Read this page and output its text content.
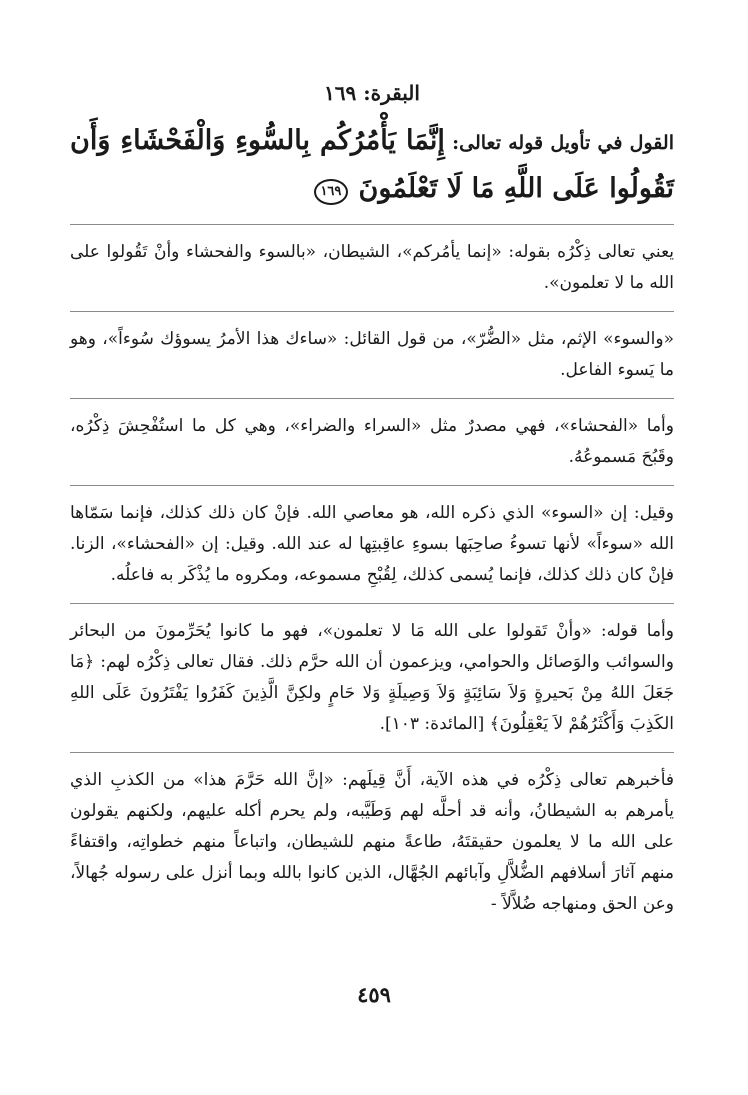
البقرة: ١٦٩
القول في تأويل قوله تعالى: إِنَّمَا يَأْمُرُكُم بِالسُّوءِ وَالْفَحْشَاءِ وَأَن تَقُولُوا عَلَى اللَّهِ مَا لَا تَعْلَمُونَ ١٦٩

يعني تعالى ذِكْرُه بقوله: «إنما يأمُركم»، الشيطان، «بالسوء والفحشاء وأنْ تَقُولوا على الله ما لا تعلمون».

«والسوء» الإثم، مثل «الضُّرّ»، من قول القائل: «ساءك هذا الأمرُ يسوؤك سُوءاً»، وهو ما يَسوء الفاعل.

وأما «الفحشاء»، فهي مصدرٌ مثل «السراء والضراء»، وهي كل ما استُفْحِشَ ذِكْرُه، وقَبُحَ مَسموعُهُ.

وقيل: إن «السوء» الذي ذكره الله، هو معاصي الله. فإنْ كان ذلك كذلك، فإنما سَمّاها الله «سوءاً» لأنها تسوءُ صاحِبَها بسوءِ عاقِبتِها له عند الله. وقيل: إن «الفحشاء»، الزنا. فإنْ كان ذلك كذلك، فإنما يُسمى كذلك، لِقُبْحِ مسموعه، ومكروه ما يُذْكَر به فاعلُه.

وأما قوله: «وأنْ تَقولوا على الله مَا لا تعلمون»، فهو ما كانوا يُحَرِّمونَ من البحائر والسوائب والوَصائل والحوامي، ويزعمون أن الله حرَّم ذلك. فقال تعالى ذِكْرُه لهم: ﴿مَا جَعَلَ اللهُ مِنْ بَحيرةٍ وَلاَ سَائِبَةٍ وَلاَ وَصِيلَةٍ وَلا حَامٍ ولكِنَّ الَّذِينَ كَفَرُوا يَفْتَرُونَ عَلَى اللهِ الكَذِبَ وَأَكْثَرُهُمْ لاَ يَعْقِلُونَ﴾ [المائدة: ١٠٣].

فأخبرهم تعالى ذِكْرُه في هذه الآية، أَنَّ قِيلَهم: «إنَّ الله حَرَّمَ هذا» من الكذبِ الذي يأمرهم به الشيطانُ، وأنه قد أحلَّه لهم وَطَيَّبه، ولم يحرم أكله عليهم، ولكنهم يقولون على الله ما لا يعلمون حقيقتَهُ، طاعةً منهم للشيطان، واتباعاً منهم خطواتِه، واقتفاءً منهم آثارَ أسلافهم الضُّلاَّلِ وآبائهم الجُهَّال، الذين كانوا بالله وبما أنزل على رسوله جُهالاً، وعن الحق ومنهاجه ضُلاَّلاً -

٤٥٩
